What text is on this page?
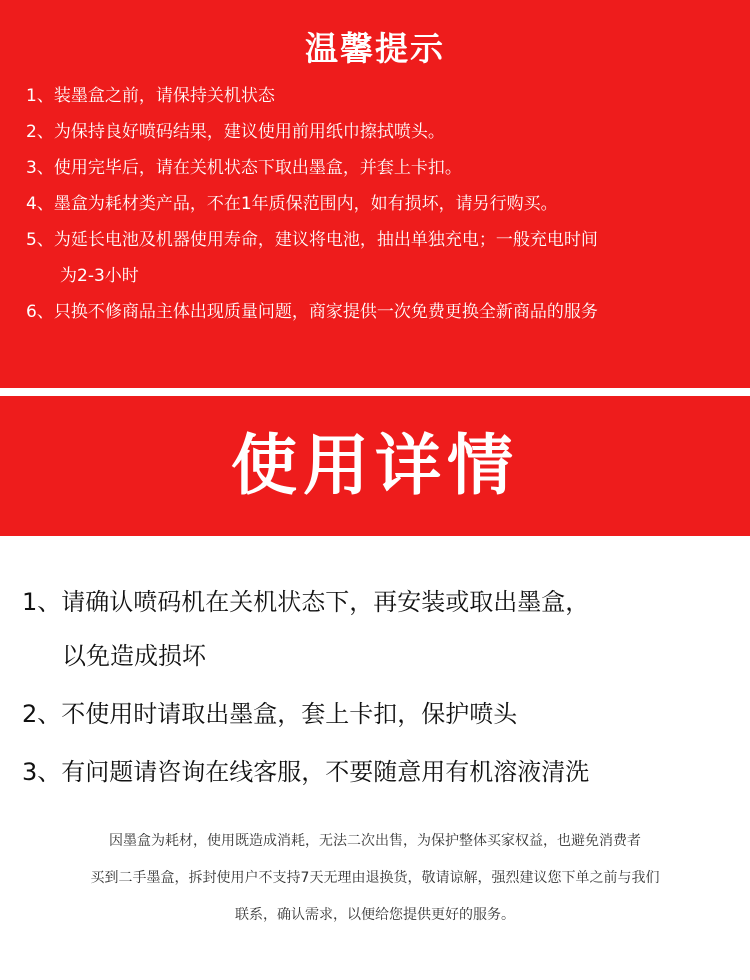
温馨提示
1、装墨盒之前，请保持关机状态
2、为保持良好喷码结果，建议使用前用纸巾擦拭喷头。
3、使用完毕后，请在关机状态下取出墨盒，并套上卡扣。
4、墨盒为耗材类产品，不在1年质保范围内，如有损坏，请另行购买。
5、为延长电池及机器使用寿命，建议将电池，抽出单独充电；一般充电时间
为2-3小时
6、只换不修商品主体出现质量问题，商家提供一次免费更换全新商品的服务
使用详情
1、请确认喷码机在关机状态下，再安装或取出墨盒，
以免造成损坏
2、不使用时请取出墨盒，套上卡扣，保护喷头
3、有问题请咨询在线客服，不要随意用有机溶液清洗

因墨盒为耗材，使用既造成消耗，无法二次出售，为保护整体买家权益，也避免消费者
买到二手墨盒，拆封使用户不支持7天无理由退换货，敬请谅解，强烈建议您下单之前与我们
联系，确认需求，以便给您提供更好的服务。
